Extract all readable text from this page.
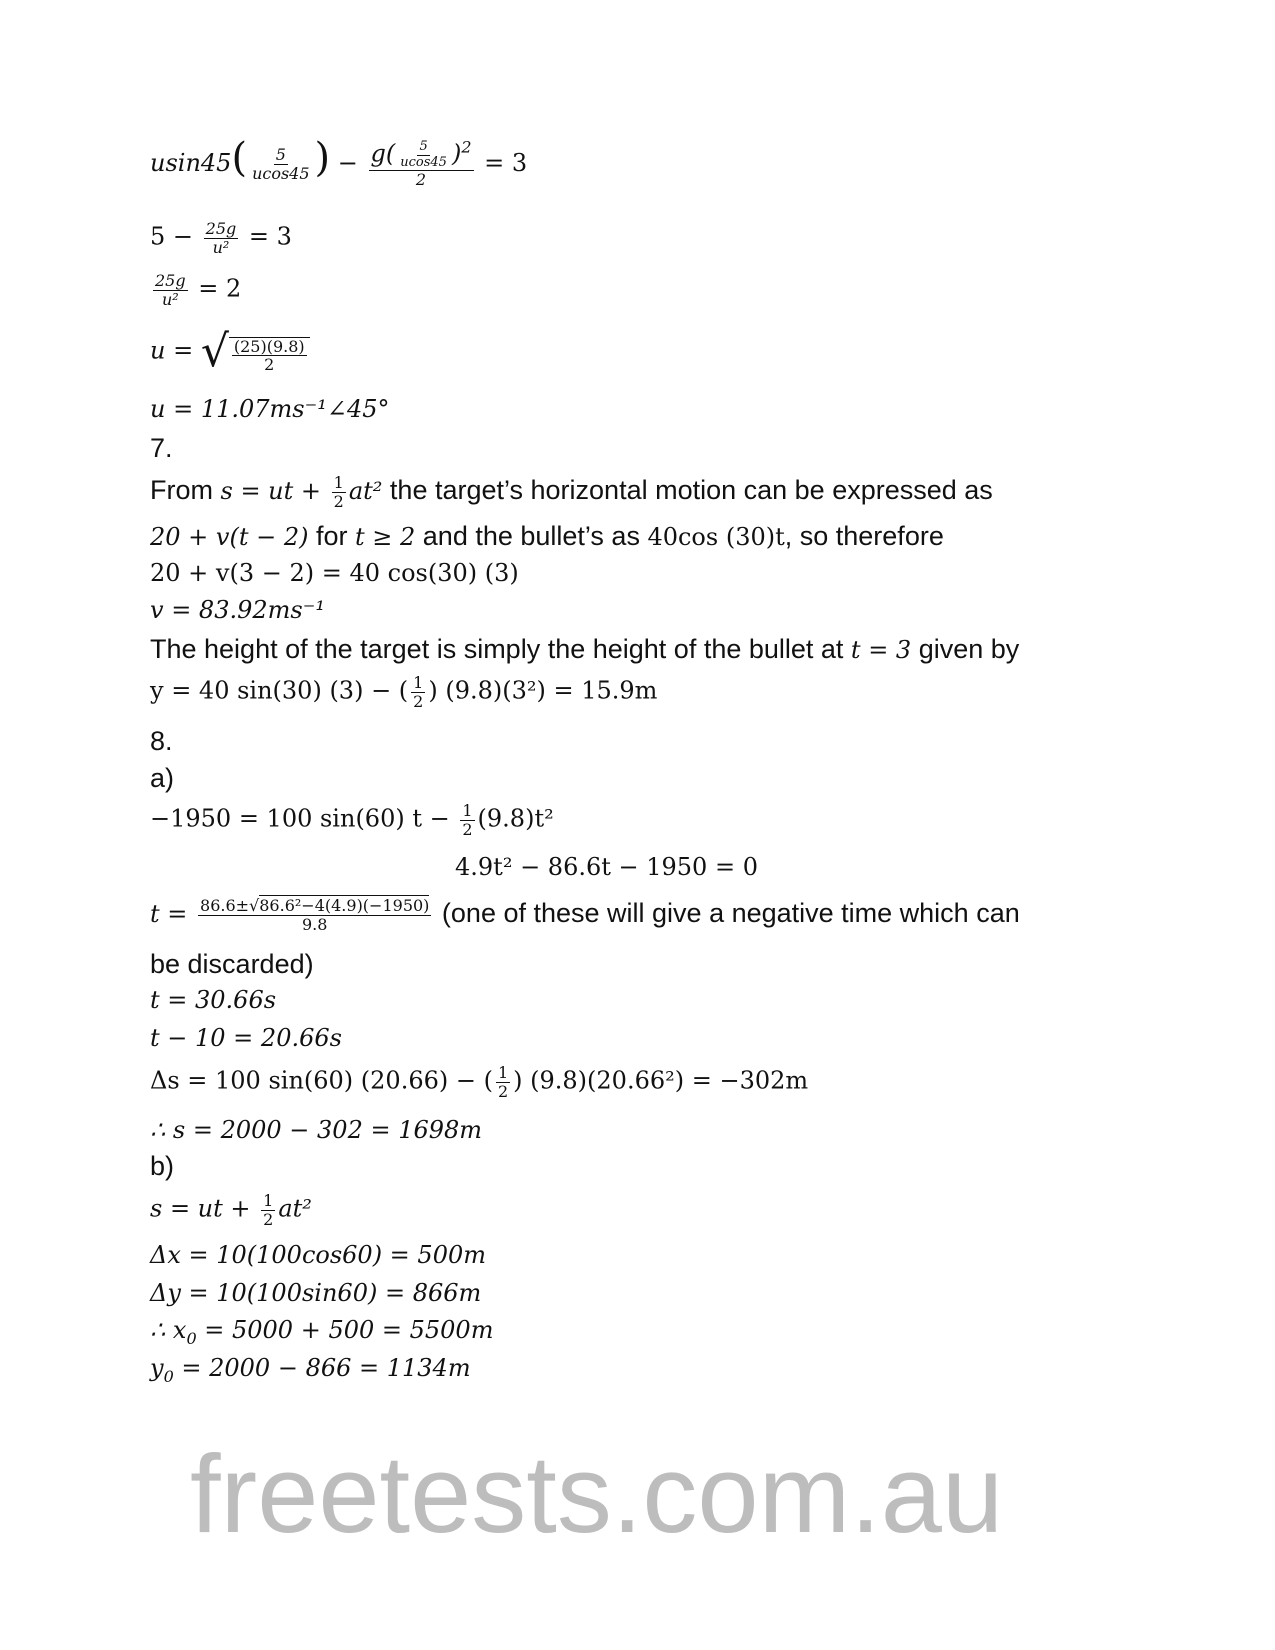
$usin45( \frac{5}{ucos45}$ ) − $\frac{g( \frac{5}{ucos45} )^2}{2} = 3$
$5 - \frac{25g}{\text{u²}} = 3$
$\frac{25g}{\text{u²}} = 2$
u = √ $\frac{(25)(9.8)}{2}$
u = 11.07ms⁻¹∠45°
7.
From s = ut + $\frac{1}{2} at^2$ the target’s horizontal motion can be expressed as
20 + v(t − 2) for t ≥ 2 and the bullet’s as 40cos (30)t, so therefore
20 + v(3 − 2) = 40 cos(30) (3)
v = 83.92ms⁻¹
The height of the target is simply the height of the bullet at t = 3 given by
y = 40 sin(30) (3) − ( $\frac{1}{2}$ ) (9.8)(3²) = 15.9m
8.
a)
−1950 = 100 sin(60) $t - \frac{1}{2} (9.8)t^2$
4.9t² − 86.6t − 1950 = 0
$t = \frac{\text{86.6±√86.6²−4(4.9)(−1950)}}{9.8} (one$ of these will give a negative time which can
be discarded)
t = 30.66s
t − 10 = 20.66s
Δs = 100 sin(60) (20.66) − ( $\frac{1}{2}$ ) (9.8)(20.66²) = −302m
∴ s = 2000 − 302 = 1698m
b)
s = ut + $\frac{1}{2} at^2$
Δx = 10(100cos60) = 500m
Δy = 10(100sin60) = 866m
∴ $x_0 = 5000 + 500 = 5500m$
$y_0 = 2000 - 866 = 1134m$
freetests.com.au
